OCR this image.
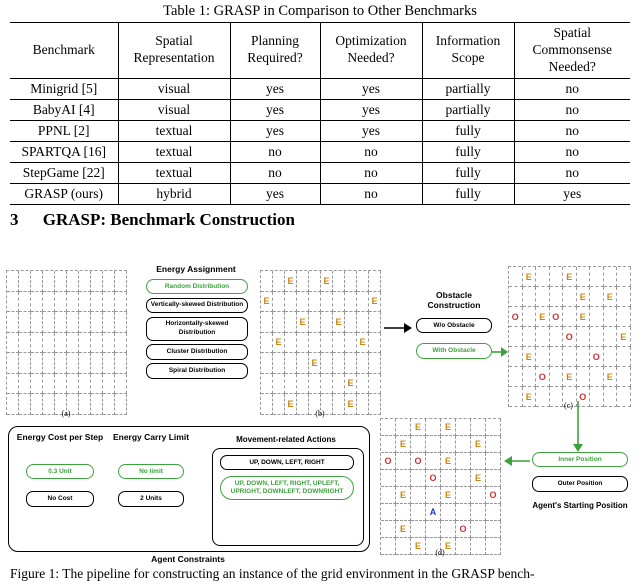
Table 1: GRASP in Comparison to Other Benchmarks
Benchmark	Spatial Representation	Planning Required?	Optimization Needed?	Information Scope	Spatial Commonsense Needed?
Minigrid [5]	visual	yes	yes	partially	no
BabyAI [4]	visual	yes	yes	partially	no
PPNL [2]	textual	yes	yes	fully	no
SPARTQA [16]	textual	no	no	fully	no
StepGame [22]	textual	no	no	fully	no
GRASP (ours)	hybrid	yes	no	fully	yes
3 GRASP: Benchmark Construction
(a)
Energy Assignment
Random Distribution
Vertically-skewed Distribution
Horizontally-skewed Distribution
Cluster Distribution
Spiral Distribution
E	E
E	E
E	E
E	E
E
E
E	E
(b)
Obstacle Construction
W/o Obstacle
With Obstacle
E	E
E	E
O	E O	E
O	E
E	O
O	E	E
E	O
(c)
Energy Cost per Step
0.3 Unit
No Cost
Energy Carry Limit
No limit
2 Units
Movement-related Actions
UP, DOWN, LEFT, RIGHT
UP, DOWN, LEFT, RIGHT, UPLEFT, UPRIGHT, DOWNLEFT, DOWNRIGHT
Agent Constraints
E	E
E	E
O	O	E
O	E
E	E	O
A
E	O
E	E
(d)
Inner Position
Outer Position
Agent's Starting Position
Figure 1: The pipeline for constructing an instance of the grid environment in the GRASP bench-
